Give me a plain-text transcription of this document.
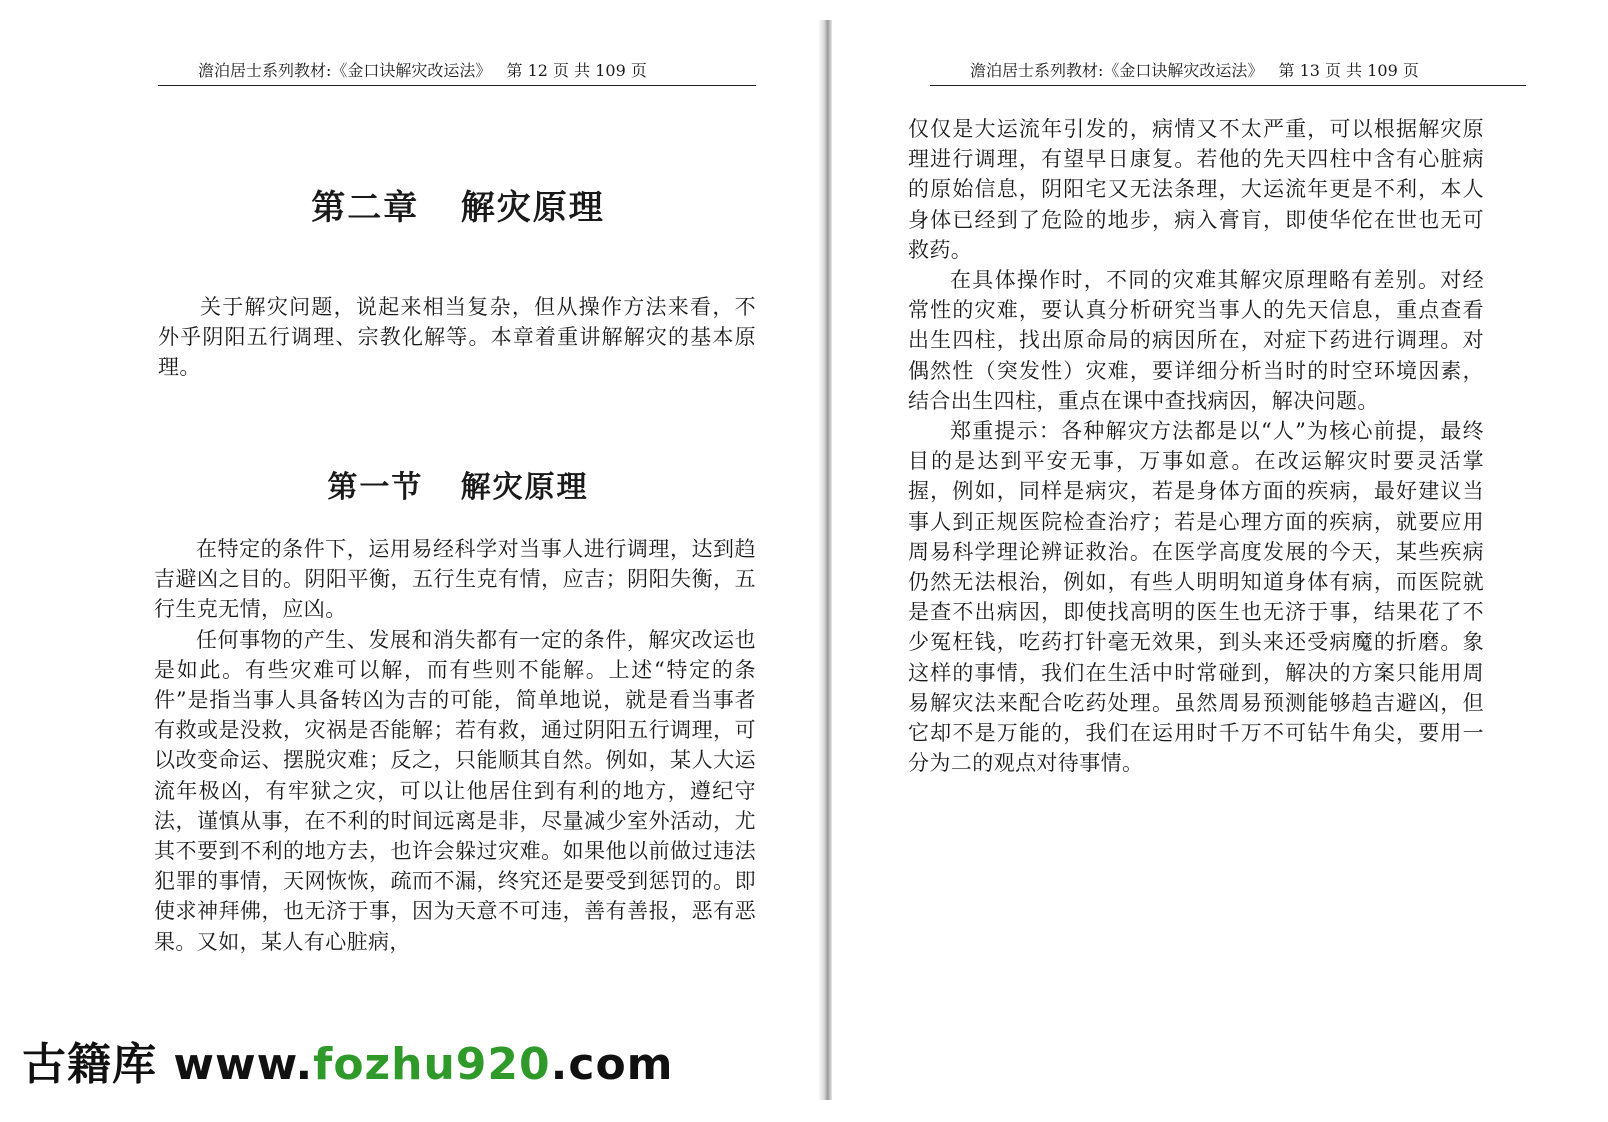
澹泊居士系列教材:《金口诀解灾改运法》 第 12 页 共 109 页
第二章   解灾原理

关于解灾问题，说起来相当复杂，但从操作方法来看，不外乎阴阳五行调理、宗教化解等。本章着重讲解解灾的基本原理。

第一节   解灾原理

在特定的条件下，运用易经科学对当事人进行调理，达到趋吉避凶之目的。阴阳平衡，五行生克有情，应吉；阴阳失衡，五行生克无情，应凶。

任何事物的产生、发展和消失都有一定的条件，解灾改运也是如此。有些灾难可以解，而有些则不能解。上述“特定的条件”是指当事人具备转凶为吉的可能，简单地说，就是看当事者有救或是没救，灾祸是否能解；若有救，通过阴阳五行调理，可以改变命运、摆脱灾难；反之，只能顺其自然。例如，某人大运流年极凶，有牢狱之灾，可以让他居住到有利的地方，遵纪守法，谨慎从事，在不利的时间远离是非，尽量减少室外活动，尤其不要到不利的地方去，也许会躲过灾难。如果他以前做过违法犯罪的事情，天网恢恢，疏而不漏，终究还是要受到惩罚的。即使求神拜佛，也无济于事，因为天意不可违，善有善报，恶有恶果。又如，某人有心脏病，

澹泊居士系列教材:《金口诀解灾改运法》 第 13 页 共 109 页

仅仅是大运流年引发的，病情又不太严重，可以根据解灾原理进行调理，有望早日康复。若他的先天四柱中含有心脏病的原始信息，阴阳宅又无法条理，大运流年更是不利，本人身体已经到了危险的地步，病入膏肓，即使华佗在世也无可救药。

在具体操作时，不同的灾难其解灾原理略有差别。对经常性的灾难，要认真分析研究当事人的先天信息，重点查看出生四柱，找出原命局的病因所在，对症下药进行调理。对偶然性（突发性）灾难，要详细分析当时的时空环境因素，结合出生四柱，重点在课中查找病因，解决问题。

郑重提示：各种解灾方法都是以“人”为核心前提，最终目的是达到平安无事，万事如意。在改运解灾时要灵活掌握，例如，同样是病灾，若是身体方面的疾病，最好建议当事人到正规医院检查治疗；若是心理方面的疾病，就要应用周易科学理论辨证救治。在医学高度发展的今天，某些疾病仍然无法根治，例如，有些人明明知道身体有病，而医院就是查不出病因，即使找高明的医生也无济于事，结果花了不少冤枉钱，吃药打针毫无效果，到头来还受病魔的折磨。象这样的事情，我们在生活中时常碰到，解决的方案只能用周易解灾法来配合吃药处理。虽然周易预测能够趋吉避凶，但它却不是万能的，我们在运用时千万不可钻牛角尖，要用一分为二的观点对待事情。

古籍库 www.fozhu920.com
